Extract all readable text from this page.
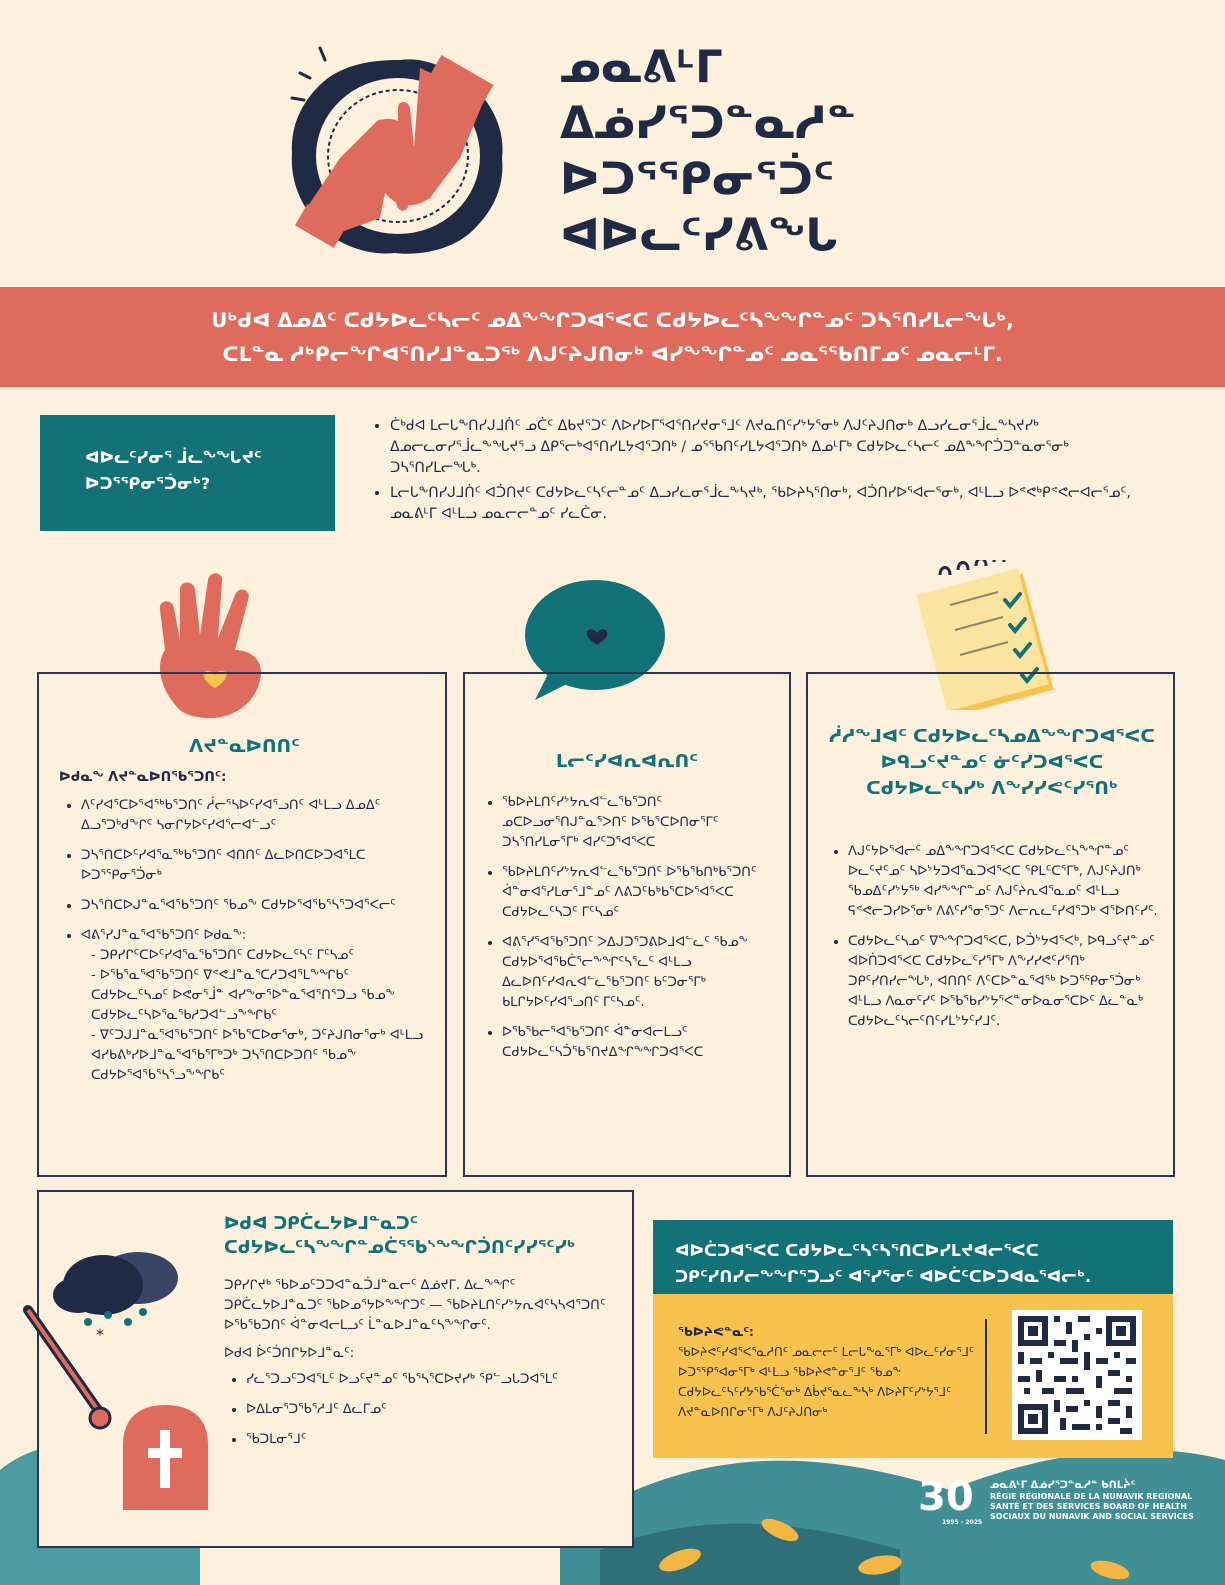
ᓄᓇᕕᒻᒥ
ᐃᓅᓯᕐᑐᓐᓇᓱᓐ
ᐅᑐᕐᕿᓂᕐᑑᑦ
ᐊᐅᓚᑦᓯᕕᖓ
ᑌᒃᑯᐊ ᐃᓄᐃᑦ ᑕᑯᔭᐅᓚᑦᓴᓕᑦ ᓄᐃᖕᖏᑐᐊᕐᐸᑕ ᑕᑯᔭᐅᓚᑦᓴᖕᖏᓐᓄᑦ ᑐᓴᕐᑎᓯᒪᓕᖓᒃ,
ᑕᒪᓐᓇ ᓱᒃᑭᓕᖏᐊᕐᑎᓯᒧᓐᓇᑐᖅ ᐱᒍᑦᔨᒍᑎᓂᒃ ᐊᓯᖕᖏᓐᓄᑦ ᓄᓇᕐᖃᑎᒥᓄᑦ ᓄᓇᓕᒻᒥ.
ᐊᐅᓚᑦᓯᓂᕐ ᒨᓚᖕᖓᔪᑦ ᐅᑐᕐᕿᓂᕐᑑᓂᒃ?
• ᑖᒃᑯᐊ ᒪᓕᒐᖕᑎᓯᒍᒧᑏᑦ ᓄᑖᑦ ᐃᑲᔪᕐᑐᑦ ᐱᐅᓯᐅᒥᕐᐊᕐᑎᓯᔪᓂᕐᒧᑦ ᐱᔪᓇᑎᑦᓯᔾᔭᕐᓂᒃ ᐱᒍᑦᔨᒍᑎᓂᒃ ᐃᓗᓯᓚᓂᕐᒨᓚᖕᓴᔪᓯᒃ ᐃᓄᓕᓚᓂᓯᕐᒨᓚᖕᖓᔪᕐᓗ ᐃᑭᕐᓕᒃᐊᕐᑎᓯᒪᔭᐊᕐᑐᑎᒃ / ᓄᕐᖃᑎᑦᓯᒪᔭᐊᕐᑐᑎᒃ ᐃᓄᒻᒥᒃ ᑕᑯᔭᐅᓚᑦᓴᓕᑦ ᓄᐃᖕᖏᑑᑐᓐᓇᓂᕐᓂᒃ ᑐᓴᕐᑎᓯᒪᓕᖓᒃ.
• ᒪᓕᒐᖕᑎᓯᒍᒧᑏᑦ ᐊᑑᑎᔪᑦ ᑕᑯᔭᐅᓚᑦᓴᑦᓕᓐᓄᑦ ᐃᓗᓯᓚᓂᕐᒨᓚᖕᓴᔪᒃ, ᖃᐅᔨᓴᕐᑎᓂᒃ, ᐊᑑᑎᓯᐅᕐᐊᓕᕐᓂᒃ, ᐊᒻᒪᓗ ᐅᕝᕙᒃᑭᕝᕙᓕᐊᓕᕐᓄᑦ, ᓄᓇᕕᒻᒥ ᐊᒻᒪᓗ ᓄᓇᓕᓕᓐᓄᑦ ᓯᓚᑖᓂ.
ᐱᔪᓐᓇᐅᑎᑎᑦ
ᐅᑯᓇᖕ ᐱᔪᓐᓇᐅᑎᕐᑲᕐᑐᑎᑦ:
• ᐱᑦᓯᐊᕐᑕᐅᕐᐊᖅᑲᕐᑐᑎᑦ ᓲᓕᕐᓴᐅᑦᓯᐊᕐᓗᑎᑦ ᐊᒻᒪᓗ ᐃᓄᐃᑦ ᐃᓗᕐᑐᒃᑯᖕᒋᑦ ᓴᓂᒋᔭᐅᑦᓯᐊᕐᓕᐊᓪᓗᑦ
• ᑐᓴᕐᑎᑕᐅᑦᓯᐊᕐᓇᖅᑲᕐᑐᑎᑦ ᐊᑎᑎᑦ ᐃᓚᐅᑎᑕᐅᑐᐊᕐᒪᑕ ᐅᑐᕐᕿᓂᕐᑑᓂᒃ
• ᑐᓴᕐᑎᑕᐅᒍᓐᓇᕐᐊᕐᑲᕐᑐᑎᑦ ᖃᓄᖕ ᑕᑯᔭᐅᕐᐊᖃᕐᓴᕐᑐᐊᕐᐸᓕᑦ
• ᐊᕕᕐᓯᒍᓐᓇᕐᐊᕐᑲᕐᑐᑎᑦ ᐅᑯᓇᖕ:
- ᑐᑭᓯᒋᑦᑕᐅᑦᓯᐊᕐᓇᕐᑲᕐᑐᑎᑦ ᑕᑯᔭᐅᓚᑦᓴᑦ ᒥᑦᓴᓄᑦ
- ᐅᖃᕐᓇᕐᐊᕐᑲᕐᑐᑎᑦ ᐁᕝᕙᒧᓐᓇᕐᑕᓱᑐᐊᕐᒪᖕᖏᑲᑦ ᑕᑯᔭᐅᓚᑦᓴᓄᑦ ᐅᕙᓂᕐᒨᓐ ᐊᓯᖕᓂᕐᐅᓐᓇᕐᐊᕐᑎᕐᑐᓗ ᖃᓄᖕ ᑕᑯᔭᐅᓚᑦᓴᐅᕐᓇᕐᑲᓱᑐᐊᓪᓗᖕᖏᑲᑦ
- ᐁᑦᑐᒍᒧᓐᓇᕐᐊᕐᑲᕐᑐᑎᑦ ᐅᖃᕐᑕᐅᓂᕐᓂᒃ, ᑐᑦᔨᒍᑎᓂᕐᓂᒃ ᐊᒻᒪᓗ ᐊᓯᑲᕕᒃᓯᐅᒧᓐᓇᕐᐊᕐᑲᕐᒥᒃᑐᒃ ᑐᓴᕐᑎᑕᐅᑐᑎᑦ ᖃᓄᖕ ᑕᑯᔭᐅᕐᐊᖃᕐᓴᕐᓗᖕᖏᑲᑦ
ᒪᓕᑦᓯᐊᕆᐊᕆᑎᑦ
• ᖃᐅᔨᒪᑎᑦᓯᔾᔭᕆᐊᓪᓚᕐᑲᕐᑐᑎᑦ ᓄᑕᐅᓗᓂᕐᑎᒍᓐᓇᕐᐳᑎᑦ ᐅᖃᕐᑕᐅᑎᓂᕐᒥᑦ ᑐᓴᕐᑎᓯᒪᓂᕐᒥᒃ ᐊᓯᑦᑐᕐᐊᕐᐸᑕ
• ᖃᐅᔨᒪᑎᑦᓯᔾᔭᕆᐊᓪᓚᕐᑲᕐᑐᑎᑦ ᐅᖃᕐᑲᑎᒃᑲᕐᑐᑎᑦ ᐋᓐᓂᐊᕐᓯᒪᓂᕐᒧᓐᓄᑦ ᐱᕕᑐᑦᑲᒃᑲᕐᑕᐅᕐᐊᕐᐸᑕ ᑕᑯᔭᐅᓚᑦᓴᑐᑦ ᒥᑦᓴᓄᑦ
• ᐊᕕᕐᓯᕐᐊᕐᑲᕐᑐᑎᑦ ᐳᐃᒍᑐᕐᑐᕕᐅᒧᐊᓪᓚᑦ ᖃᓄᖕ ᑕᑯᔭᐅᕐᐊᕐᑲᑖᕐᓕᖕᖏᑦᓴᕐᓚᑦ ᐊᒻᒪᓗ ᐃᓚᐅᑎᑦᓯᐊᕆᐊᓪᓚᕐᑲᕐᑐᑎᑦ ᑲᑦᑐᓂᕐᒥᒃ ᑲᒪᒋᔭᐅᑦᓯᐊᕐᓗᑎᑦ ᒥᑦᓴᓄᑦ.
• ᐅᖃᕐᑲᓕᕐᐊᕐᑲᕐᑐᑎᑦ ᐋᓐᓂᐊᓕᒪᓗᑦ ᑕᑯᔭᐅᓚᑦᓴᑑᕐᑲᕐᑎᔪᐃᖏᖕᖏᑐᐊᕐᐸᑕ
ᓲᓱᖕᒧᐊᑦ ᑕᑯᔭᐅᓚᑦᓴᓄᐃᖕᖏᑐᐊᕐᐸᑕ ᐅᑫᓗᑦᔪᓐᓄᑦ ᓃᑦᓯᑐᐊᕐᐸᑕ ᑕᑯᔭᐅᓚᑦᓴᓯᒃ ᐱᖕᓯᓯᕙᑦᓯᕐᑎᒃ
• ᐱᒍᑦᔭᐅᕐᐊᓕᑦ ᓄᐃᖕᖏᑐᐊᕐᐸᑕ ᑕᑯᔭᐅᓚᑦᓴᖕᖏᓐᓄᑦ ᐅᓚᑦᔪᑦᓄᑦ ᓴᐅᔾᔭᑐᐊᕐᓇᑐᐊᕐᐸᑕ ᕿᒪᑦᑕᕐᒥᒃ, ᐱᒍᑦᔨᒍᑎᒃ ᖃᓄᐃᑦᓯᔾᔭᖅ ᐊᓯᖕᖏᓐᓄᑦ ᐱᒍᑦᔨᕆᐊᕐᓇᓄᑦ ᐊᒻᒪᓗ ᕋᕝᕙᓕᑐᓯᐅᕐᓂᒃ ᐱᕕᑦᓯᕐᓂᕐᑐᑦ ᐱᓕᕆᓚᑦᓯᐊᕐᑐᒃ ᐊᕐᐅᑎᑦᓯᑦ.
• ᑕᑯᔭᐅᓚᑦᓴᓄᑦ ᐁᖕᖏᑐᐊᕐᐸᑕ, ᐅᑑᔾᔭᐊᕐᐸᒃ, ᐅᑫᓗᑦᔪᓐᓄᑦ ᐊᐅᑏᑐᐊᕐᐸᑕ ᑕᑯᔭᐅᓚᑦᓯᕐᒥᒃ ᐱᖕᓯᓯᕙᑦᓯᕐᑎᒃ ᑐᑭᑦᓯᑎᓯᓕᖓᒃ, ᐊᑎᑎᑦ ᐱᑦᑕᐅᓐᓇᕐᐊᕐᒃ ᐅᑐᕐᕿᓂᕐᑑᓂᒃ ᐊᒻᒪᓗ ᐱᓇᓂᑦᓯᑦ ᐅᖃᕐᑲᓯᔾᔭᕐᐸᓐᓂᐅᓇᓂᕐᑕᐅᑦ ᐃᓚᓐᓇᒃ ᑕᑯᔭᐅᓚᑦᓴᓕᑦᑎᑦᓯᒪᔾᔭᑦᓯᒧᑦ.
ᐅᑯᐊ ᑐᑭᑖᓚᔭᐅᒧᓐᓇᑐᑦ
ᑕᑯᔭᐅᓚᑦᓴᖕᖏᓐᓄᑖᕐᖃᔅᖕᖏᑑᑎᑦᓯᓯᕐᑦᓯᒃ
ᑐᑭᓯᒋᔪᒃ ᖃᐅᓄᑦᑐᑐᐊᓐᓇᑑᒧᓐᓇᓕᑦ ᐃᓅᔪᒥ. ᐃᓚᖕᖏᑦ ᑐᑭᑖᓚᔭᐅᒧᓐᓇᑐᑦ ᖃᐅᓄᕐᔭᐅᖕᖏᑐᑦ — ᖃᐅᔨᒪᑎᑦᓯᔾᔭᕆᐊᑦᓴᓴᐊᕐᑐᑎᑦ ᐅᖃᕐᑲᑐᑎᑦ ᐋᓐᓂᐊᓕᒪᓗᑦ ᒫᓐᓇᐅᒧᓐᓇᑦᓴᖕᖏᓂᑦ.
ᐅᑯᐊ ᐆᑦᑑᑎᒋᔭᐅᒧᓐᓇᑦ:
• ᓯᓚᕐᑐᓗᑦᑐᐊᕐᒪᑦ ᐅᓗᑦᔪᓐᓄᑦ ᖃᕐᓴᕐᑕᐅᔪᓯᒃ ᕿᓪᓗᒐᑐᐊᕐᒪᑦ
• ᐅᐃᒪᓂᕐᑐᖃᕐᓱᒧᑦ ᐃᓚᒥᓄᑦ
• ᖃᑐᒪᓂᕐᒧᑦ
*
ᐊᐅᑖᑐᐊᕐᐸᑕ ᑕᑯᔭᐅᓚᑦᓴᑦᓴᕐᑎᑕᐅᓯᒪᔪᐊᓕᕐᐸᑕ
ᑐᑭᑦᓯᑎᓯᓕᖕᖏᕐᑐᓗᑦ ᐊᕐᓯᕐᓂᑦ ᐊᐅᑖᑦᑕᐅᑐᐊᓇᕐᐊᓕᒃ.
ᖃᐅᔨᕙᓐᓇᑦ:
ᖃᐅᔨᕙᑦᓯᐊᕐᐸᕐᓇᓱᑎᑦ ᓄᓇᓕᓕᑦ ᒪᓕᒐᖕᓇᕐᒥᒃ ᐊᐅᓚᑦᓯᓂᕐᒧᑦ ᐅᑐᕐᕿᕐᐊᓂᕐᒥᒃ ᐊᒻᒪᓗ ᖃᐅᔨᕙᓐᓂᕐᒧᑦ ᖃᓄᖕ ᑕᑯᔭᐅᓚᑦᓴᑦᓯᔭᕐᑲᕐᑖᕐᓂᒃ ᐃᑳᔪᕐᓇᓚᖕᓴᒃ ᐱᐅᔨᒥᑦᓯᔾᔭᕐᒧᑦ ᐱᔪᓐᓇᐅᑎᒋᓂᕐᒥᒃ ᐱᒍᑦᔨᒍᑎᓂᒃ
30
1995 - 2025
ᓄᓇᕕᒻᒥ ᐃᓅᓯᕐᑐᓐᓇᓱᓐ ᑲᑎᒪᔩᑦ
RÉGIE RÉGIONALE DE LA NUNAVIK REGIONAL
SANTÉ ET DES SERVICES BOARD OF HEALTH
SOCIAUX DU NUNAVIK AND SOCIAL SERVICES
